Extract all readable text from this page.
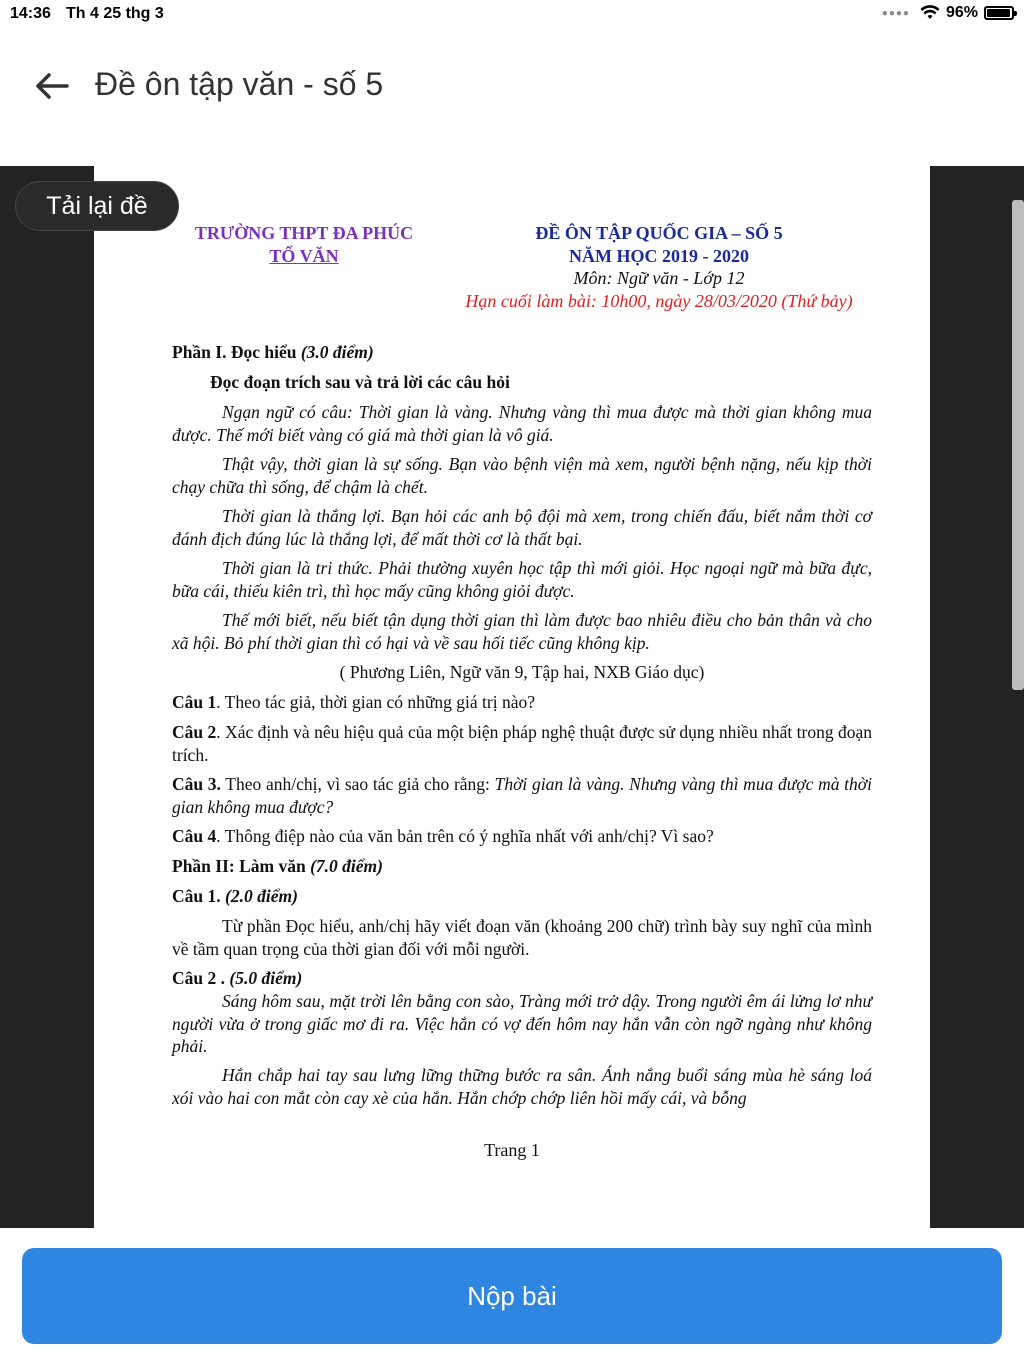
14:36 Th 4 25 thg 3	●●●● 96%
Đề ôn tập văn - số 5
TRƯỜNG THPT ĐA PHÚC
TỔ VĂN
ĐỀ ÔN TẬP QUỐC GIA – SỐ 5
NĂM HỌC 2019 - 2020
Môn: Ngữ văn - Lớp 12
Hạn cuối làm bài: 10h00, ngày 28/03/2020 (Thứ bảy)
Phần I. Đọc hiểu (3.0 điểm)
Đọc đoạn trích sau và trả lời các câu hỏi
Ngạn ngữ có câu: Thời gian là vàng. Nhưng vàng thì mua được mà thời gian không mua được. Thế mới biết vàng có giá mà thời gian là vô giá.
Thật vậy, thời gian là sự sống. Bạn vào bệnh viện mà xem, người bệnh nặng, nếu kịp thời chạy chữa thì sống, để chậm là chết.
Thời gian là thắng lợi. Bạn hỏi các anh bộ đội mà xem, trong chiến đấu, biết nắm thời cơ đánh địch đúng lúc là thắng lợi, để mất thời cơ là thất bại.
Thời gian là tri thức. Phải thường xuyên học tập thì mới giỏi. Học ngoại ngữ mà bữa đực, bữa cái, thiếu kiên trì, thì học mấy cũng không giỏi được.
Thế mới biết, nếu biết tận dụng thời gian thì làm được bao nhiêu điều cho bản thân và cho xã hội. Bỏ phí thời gian thì có hại và về sau hối tiếc cũng không kịp.
( Phương Liên, Ngữ văn 9, Tập hai, NXB Giáo dục)
Câu 1. Theo tác giả, thời gian có những giá trị nào?
Câu 2. Xác định và nêu hiệu quả của một biện pháp nghệ thuật được sử dụng nhiều nhất trong đoạn trích.
Câu 3. Theo anh/chị, vì sao tác giả cho rằng: Thời gian là vàng. Nhưng vàng thì mua được mà thời gian không mua được?
Câu 4. Thông điệp nào của văn bản trên có ý nghĩa nhất với anh/chị? Vì sao?
Phần II: Làm văn (7.0 điểm)
Câu 1. (2.0 điểm)
Từ phần Đọc hiểu, anh/chị hãy viết đoạn văn (khoảng 200 chữ) trình bày suy nghĩ của mình về tầm quan trọng của thời gian đối với mỗi người.
Câu 2 . (5.0 điểm)
Sáng hôm sau, mặt trời lên bằng con sào, Tràng mới trở dậy. Trong người êm ái lửng lơ như người vừa ở trong giấc mơ đi ra. Việc hắn có vợ đến hôm nay hắn vẫn còn ngỡ ngàng như không phải.
Hắn chắp hai tay sau lưng lững thững bước ra sân. Ánh nắng buổi sáng mùa hè sáng loá xói vào hai con mắt còn cay xè của hắn. Hắn chớp chớp liên hồi mấy cái, và bỗng
Trang 1
Tải lại đề
Nộp bài
